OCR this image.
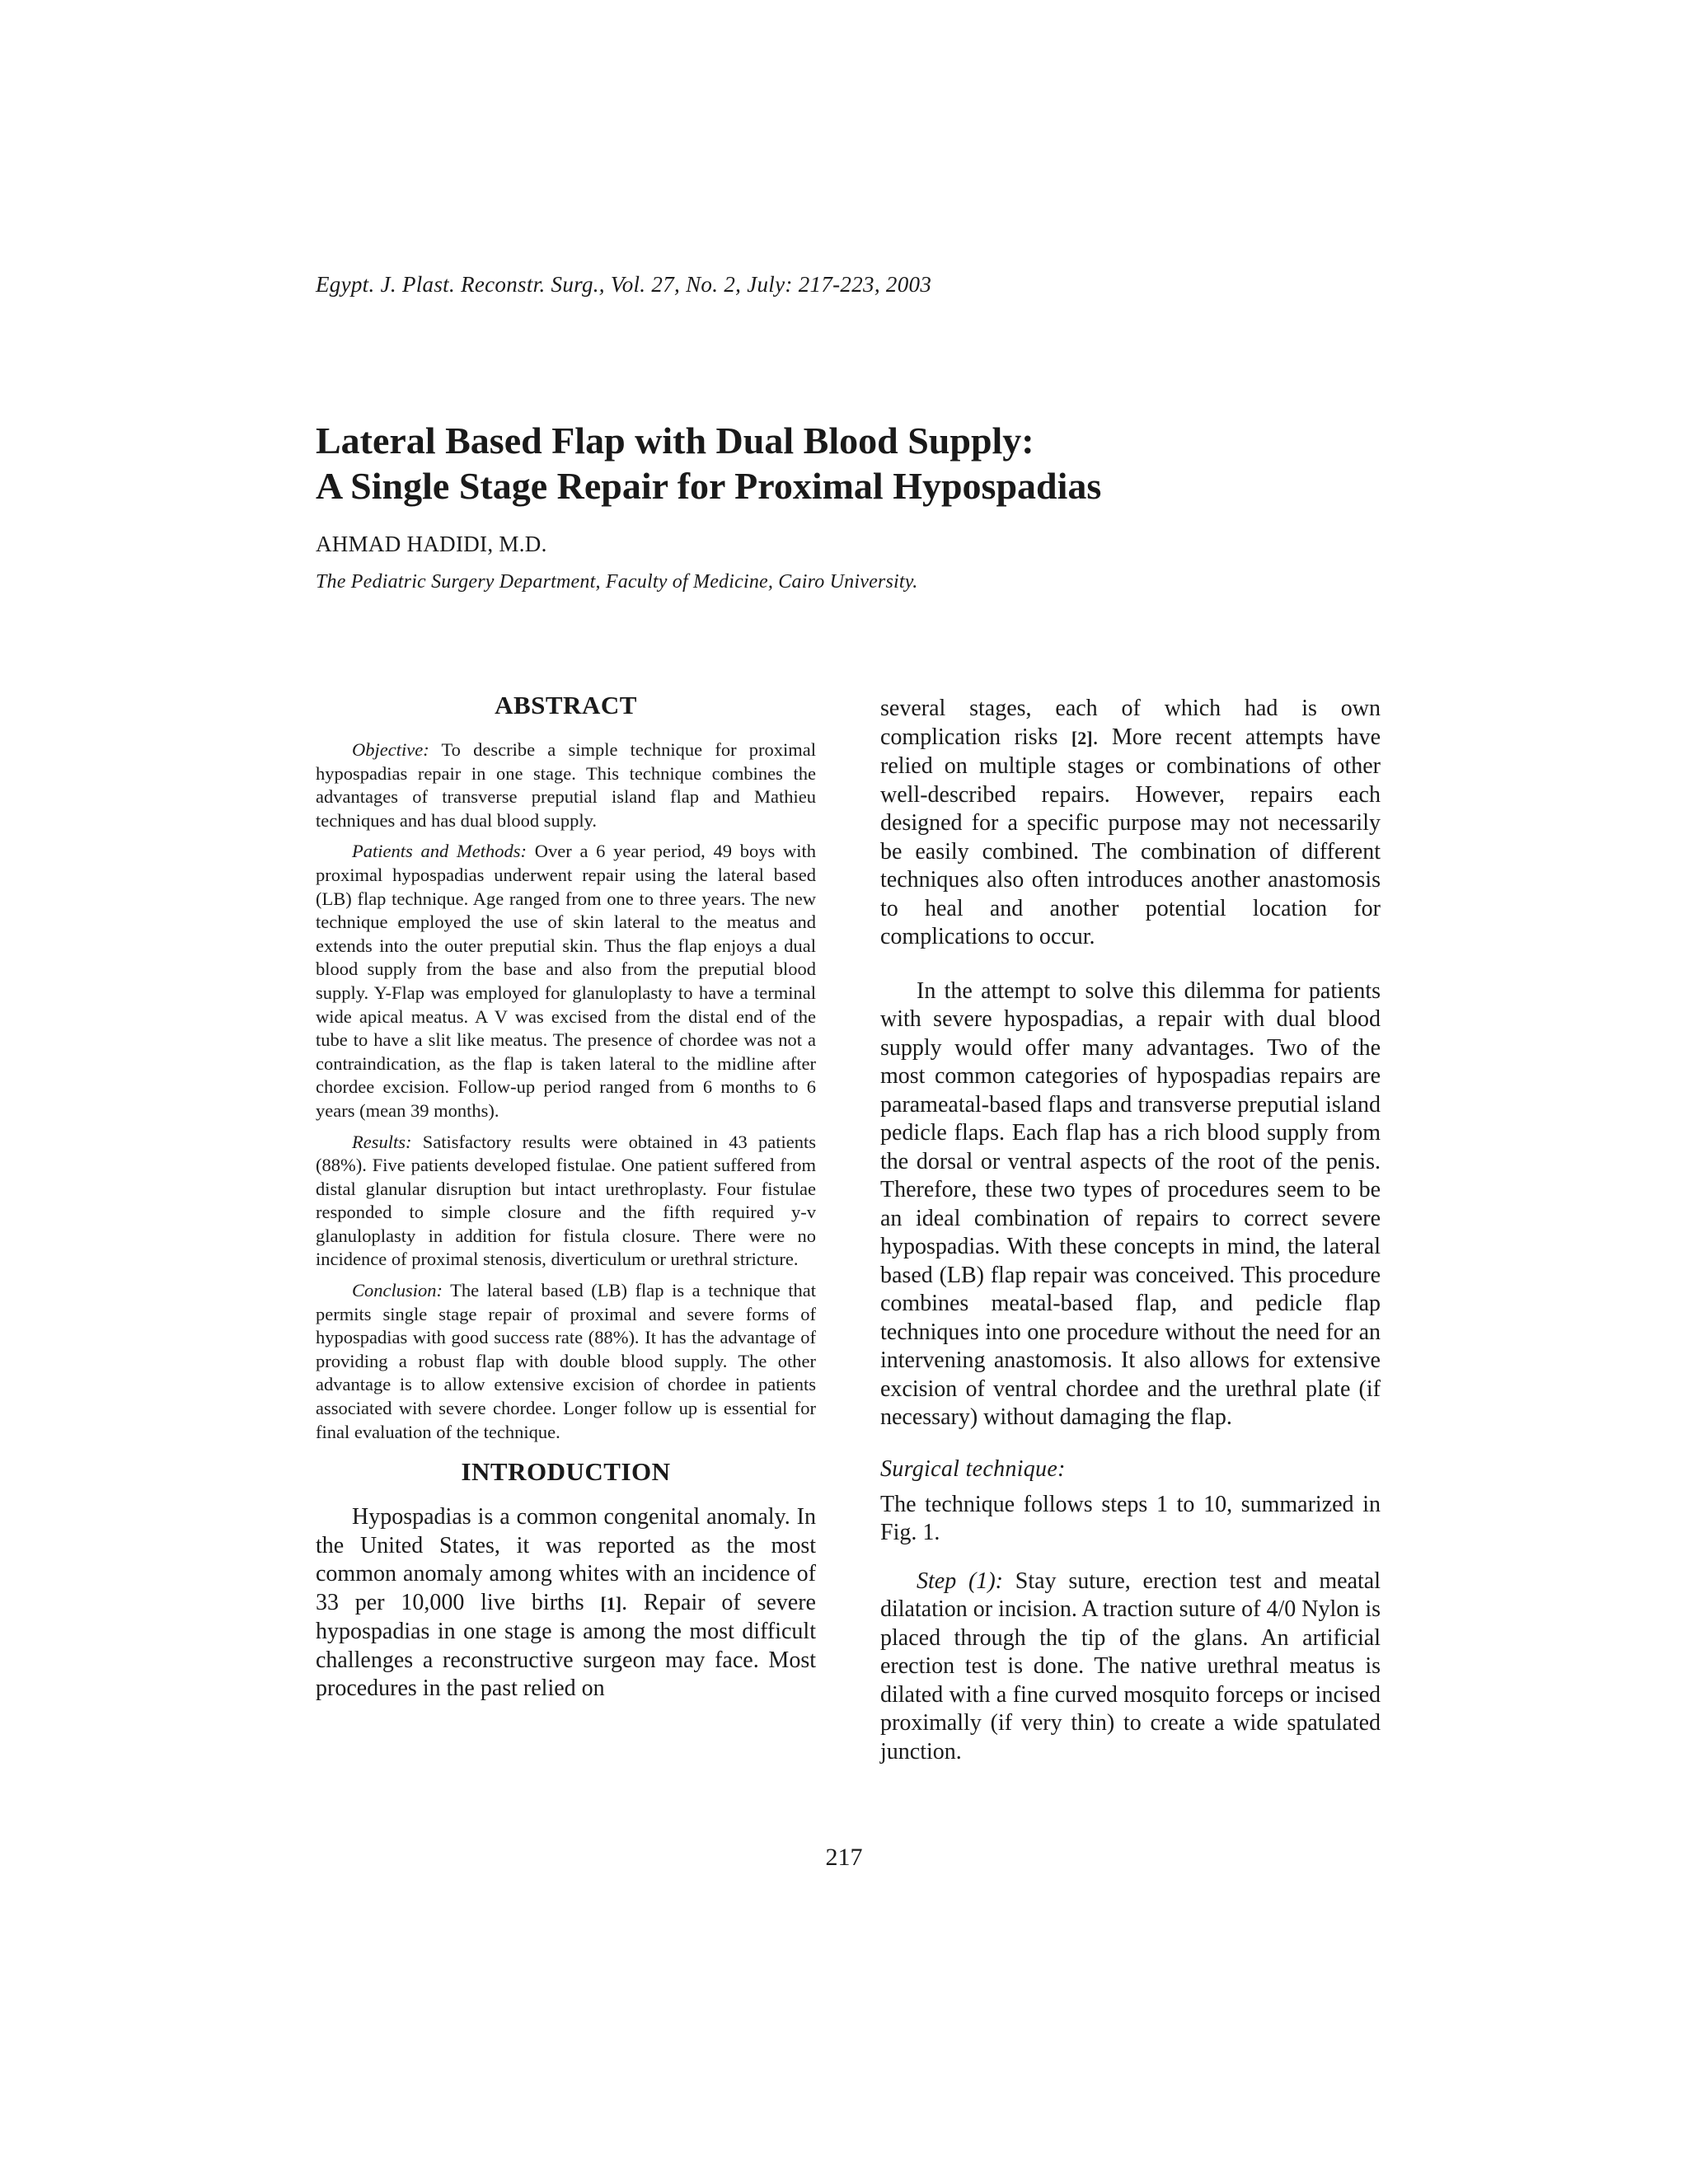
Egypt. J. Plast. Reconstr. Surg., Vol. 27, No. 2, July: 217-223, 2003
Lateral Based Flap with Dual Blood Supply:
A Single Stage Repair for Proximal Hypospadias
AHMAD HADIDI, M.D.
The Pediatric Surgery Department, Faculty of Medicine, Cairo University.
ABSTRACT

Objective: To describe a simple technique for proximal hypospadias repair in one stage. This technique combines the advantages of transverse preputial island flap and Mathieu techniques and has dual blood supply.

Patients and Methods: Over a 6 year period, 49 boys with proximal hypospadias underwent repair using the lateral based (LB) flap technique. Age ranged from one to three years. The new technique employed the use of skin lateral to the meatus and extends into the outer preputial skin. Thus the flap enjoys a dual blood supply from the base and also from the preputial blood supply. Y-Flap was employed for glanuloplasty to have a terminal wide apical meatus. A V was excised from the distal end of the tube to have a slit like meatus. The presence of chordee was not a contraindication, as the flap is taken lateral to the midline after chordee excision. Follow-up period ranged from 6 months to 6 years (mean 39 months).

Results: Satisfactory results were obtained in 43 patients (88%). Five patients developed fistulae. One patient suffered from distal glanular disruption but intact urethroplasty. Four fistulae responded to simple closure and the fifth required y-v glanuloplasty in addition for fistula closure. There were no incidence of proximal stenosis, diverticulum or urethral stricture.

Conclusion: The lateral based (LB) flap is a technique that permits single stage repair of proximal and severe forms of hypospadias with good success rate (88%). It has the advantage of providing a robust flap with double blood supply. The other advantage is to allow extensive excision of chordee in patients associated with severe chordee. Longer follow up is essential for final evaluation of the technique.

INTRODUCTION

Hypospadias is a common congenital anomaly. In the United States, it was reported as the most common anomaly among whites with an incidence of 33 per 10,000 live births [1]. Repair of severe hypospadias in one stage is among the most difficult challenges a reconstructive surgeon may face. Most procedures in the past relied on

several stages, each of which had is own complication risks [2]. More recent attempts have relied on multiple stages or combinations of other well-described repairs. However, repairs each designed for a specific purpose may not necessarily be easily combined. The combination of different techniques also often introduces another anastomosis to heal and another potential location for complications to occur.

In the attempt to solve this dilemma for patients with severe hypospadias, a repair with dual blood supply would offer many advantages. Two of the most common categories of hypospadias repairs are parameatal-based flaps and transverse preputial island pedicle flaps. Each flap has a rich blood supply from the dorsal or ventral aspects of the root of the penis. Therefore, these two types of procedures seem to be an ideal combination of repairs to correct severe hypospadias. With these concepts in mind, the lateral based (LB) flap repair was conceived. This procedure combines meatal-based flap, and pedicle flap techniques into one procedure without the need for an intervening anastomosis. It also allows for extensive excision of ventral chordee and the urethral plate (if necessary) without damaging the flap.

Surgical technique:

The technique follows steps 1 to 10, summarized in Fig. 1.

Step (1): Stay suture, erection test and meatal dilatation or incision. A traction suture of 4/0 Nylon is placed through the tip of the glans. An artificial erection test is done. The native urethral meatus is dilated with a fine curved mosquito forceps or incised proximally (if very thin) to create a wide spatulated junction.

217
